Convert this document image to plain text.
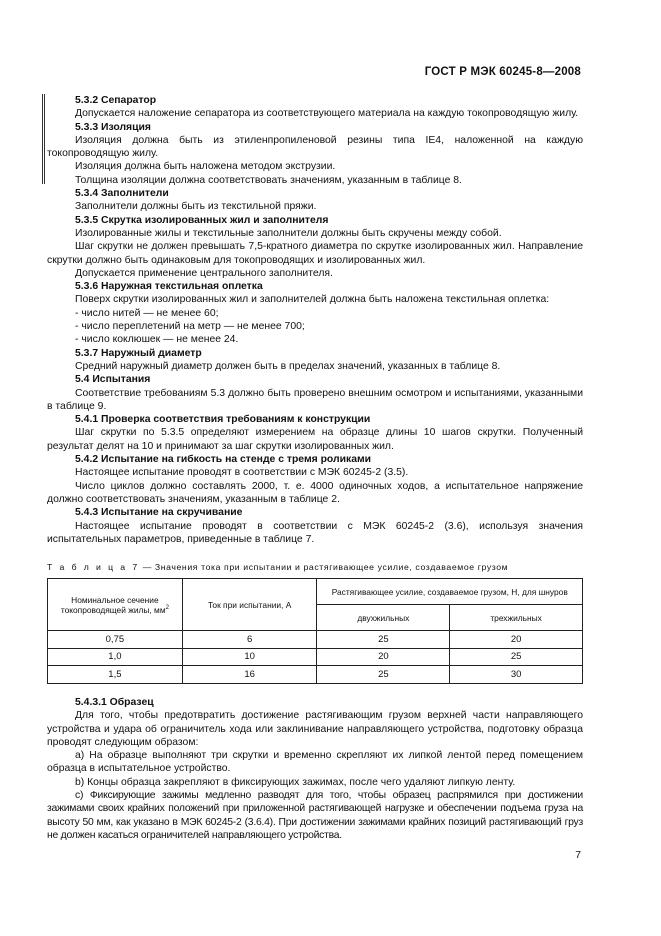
ГОСТ Р МЭК 60245-8—2008

5.3.2 Сепаратор

Допускается наложение сепаратора из соответствующего материала на каждую токопроводящую жилу.

5.3.3 Изоляция

Изоляция должна быть из этиленпропиленовой резины типа IE4, наложенной на каждую токопроводящую жилу.

Изоляция должна быть наложена методом экструзии.

Толщина изоляции должна соответствовать значениям, указанным в таблице 8.

5.3.4 Заполнители

Заполнители должны быть из текстильной пряжи.

5.3.5 Скрутка изолированных жил и заполнителя

Изолированные жилы и текстильные заполнители должны быть скручены между собой.

Шаг скрутки не должен превышать 7,5-кратного диаметра по скрутке изолированных жил. Направление скрутки должно быть одинаковым для токопроводящих и изолированных жил.

Допускается применение центрального заполнителя.

5.3.6 Наружная текстильная оплетка

Поверх скрутки изолированных жил и заполнителей должна быть наложена текстильная оплетка:

- число нитей — не менее 60;

- число переплетений на метр — не менее 700;

- число коклюшек — не менее 24.

5.3.7 Наружный диаметр

Средний наружный диаметр должен быть в пределах значений, указанных в таблице 8.

5.4 Испытания

Соответствие требованиям 5.3 должно быть проверено внешним осмотром и испытаниями, указанными в таблице 9.

5.4.1 Проверка соответствия требованиям к конструкции

Шаг скрутки по 5.3.5 определяют измерением на образце длины 10 шагов скрутки. Полученный результат делят на 10 и принимают за шаг скрутки изолированных жил.

5.4.2 Испытание на гибкость на стенде с тремя роликами

Настоящее испытание проводят в соответствии с МЭК 60245-2 (3.5).

Число циклов должно составлять 2000, т. е. 4000 одиночных ходов, а испытательное напряжение должно соответствовать значениям, указанным в таблице 2.

5.4.3 Испытание на скручивание

Настоящее испытание проводят в соответствии с МЭК 60245-2 (3.6), используя значения испытательных параметров, приведенные в таблице 7.

Т а б л и ц а 7 — Значения тока при испытании и растягивающее усилие, создаваемое грузом
Номинальное сечение
токопроводящей жилы, $мм^2$	Ток при испытании, А	Растягивающее усилие, создаваемое грузом, Н, для шнуров	
		двухжильных	трехжильных
0,75	6	25	20
1,0	10	20	25
1,5	16	25	30

5.4.3.1 Образец

Для того, чтобы предотвратить достижение растягивающим грузом верхней части направляющего устройства и удара об ограничитель хода или заклинивание направляющего устройства, подготовку образца проводят следующим образом:

а) На образце выполняют три скрутки и временно скрепляют их липкой лентой перед помещением образца в испытательное устройство.

b) Концы образца закрепляют в фиксирующих зажимах, после чего удаляют липкую ленту.

с) Фиксирующие зажимы медленно разводят для того, чтобы образец распрямился при достижении зажимами своих крайних положений при приложенной растягивающей нагрузке и обеспечении подъема груза на высоту 50 мм, как указано в МЭК 60245-2 (3.6.4). При достижении зажимами крайних позиций растягивающий груз не должен касаться ограничителей направляющего устройства.

7
